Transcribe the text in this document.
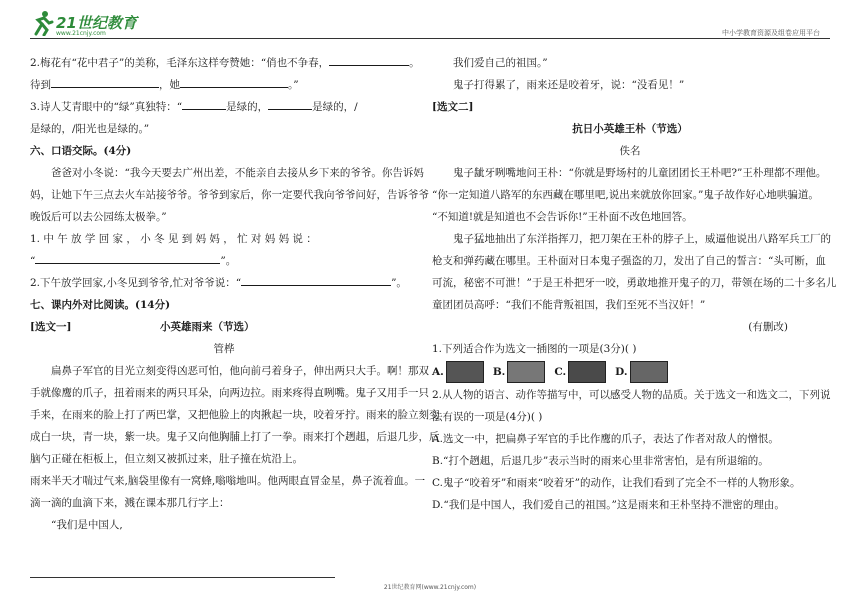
21世纪教育
www.21cnjy.com	中小学教育资源及组卷应用平台

2.梅花有“花中君子”的美称，毛泽东这样夸赞她：“俏也不争春，	。

待到	，她	。”

3.诗人艾青眼中的“绿”真独特：“	是绿的，	是绿的，/

是绿的，/阳光也是绿的。”

六、口语交际。(4分)

爸爸对小冬说：“我今天要去广州出差，不能亲自去接从乡下来的爷爷。你告诉妈

妈，让她下午三点去火车站接爷爷。爷爷到家后，你一定要代我向爷爷问好，告诉爷爷

晚饭后可以去公园练太极拳。”

1. 中 午 放 学 回 家 ， 小 冬 见 到 妈 妈 ， 忙 对 妈 妈 说 ：

“	”。

2.下午放学回家,小冬见到爷爷,忙对爷爷说：“	”。

七、课内外对比阅读。(14分)

[选文一]	小英雄雨来（节选）

管桦

扁鼻子军官的目光立刻变得凶恶可怕，他向前弓着身子，伸出两只大手。啊！那双

手就像鹰的爪子，扭着雨来的两只耳朵，向两边拉。雨来疼得直咧嘴。鬼子又用手一只

手来，在雨来的脸上打了两巴掌，又把他脸上的肉揪起一块，咬着牙拧。雨来的脸立刻变

成白一块，青一块，紫一块。鬼子又向他胸脯上打了一拳。雨来打个趔趄，后退几步，后

脑勺正碰在柜板上，但立刻又被抓过来，肚子撞在炕沿上。

雨来半天才喘过气来,脑袋里像有一窝蜂,嗡嗡地叫。他两眼直冒金星，鼻子流着血。一

滴一滴的血滴下来，溅在课本那几行字上：

“我们是中国人,

我们爱自己的祖国。”

鬼子打得累了，雨来还是咬着牙，说：“没看见！”

[选文二]

抗日小英雄王朴（节选）

佚名

鬼子龇牙咧嘴地问王朴：“你就是野场村的儿童团团长王朴吧?”王朴理都不理他。

“你一定知道八路军的东西藏在哪里吧,说出来就放你回家。”鬼子故作好心地哄骗道。

“不知道!就是知道也不会告诉你!”王朴面不改色地回答。

鬼子猛地抽出了东洋指挥刀，把刀架在王朴的脖子上，威逼他说出八路军兵工厂的

枪支和弹药藏在哪里。王朴面对日本鬼子强盗的刀，发出了自己的誓言：“头可断，血

可流，秘密不可泄！”于是王朴把牙一咬，勇敢地推开鬼子的刀，带领在场的二十多名儿

童团团员高呼：“我们不能背叛祖国，我们至死不当汉奸！”

(有删改)

1.下列适合作为选文一插图的一项是(3分)( )

A.	B.	C.	D.

2.从人物的语言、动作等描写中，可以感受人物的品质。关于选文一和选文二，下列说

法有误的一项是(4分)( )

A.选文一中，把扁鼻子军官的手比作鹰的爪子，表达了作者对敌人的憎恨。

B.“打个趔趄，后退几步”表示当时的雨来心里非常害怕，是有所退缩的。

C.鬼子“咬着牙”和雨来“咬着牙”的动作，让我们看到了完全不一样的人物形象。

D.“我们是中国人，我们爱自己的祖国。”这是雨来和王朴坚持不泄密的理由。

21世纪教育网(www.21cnjy.com)
